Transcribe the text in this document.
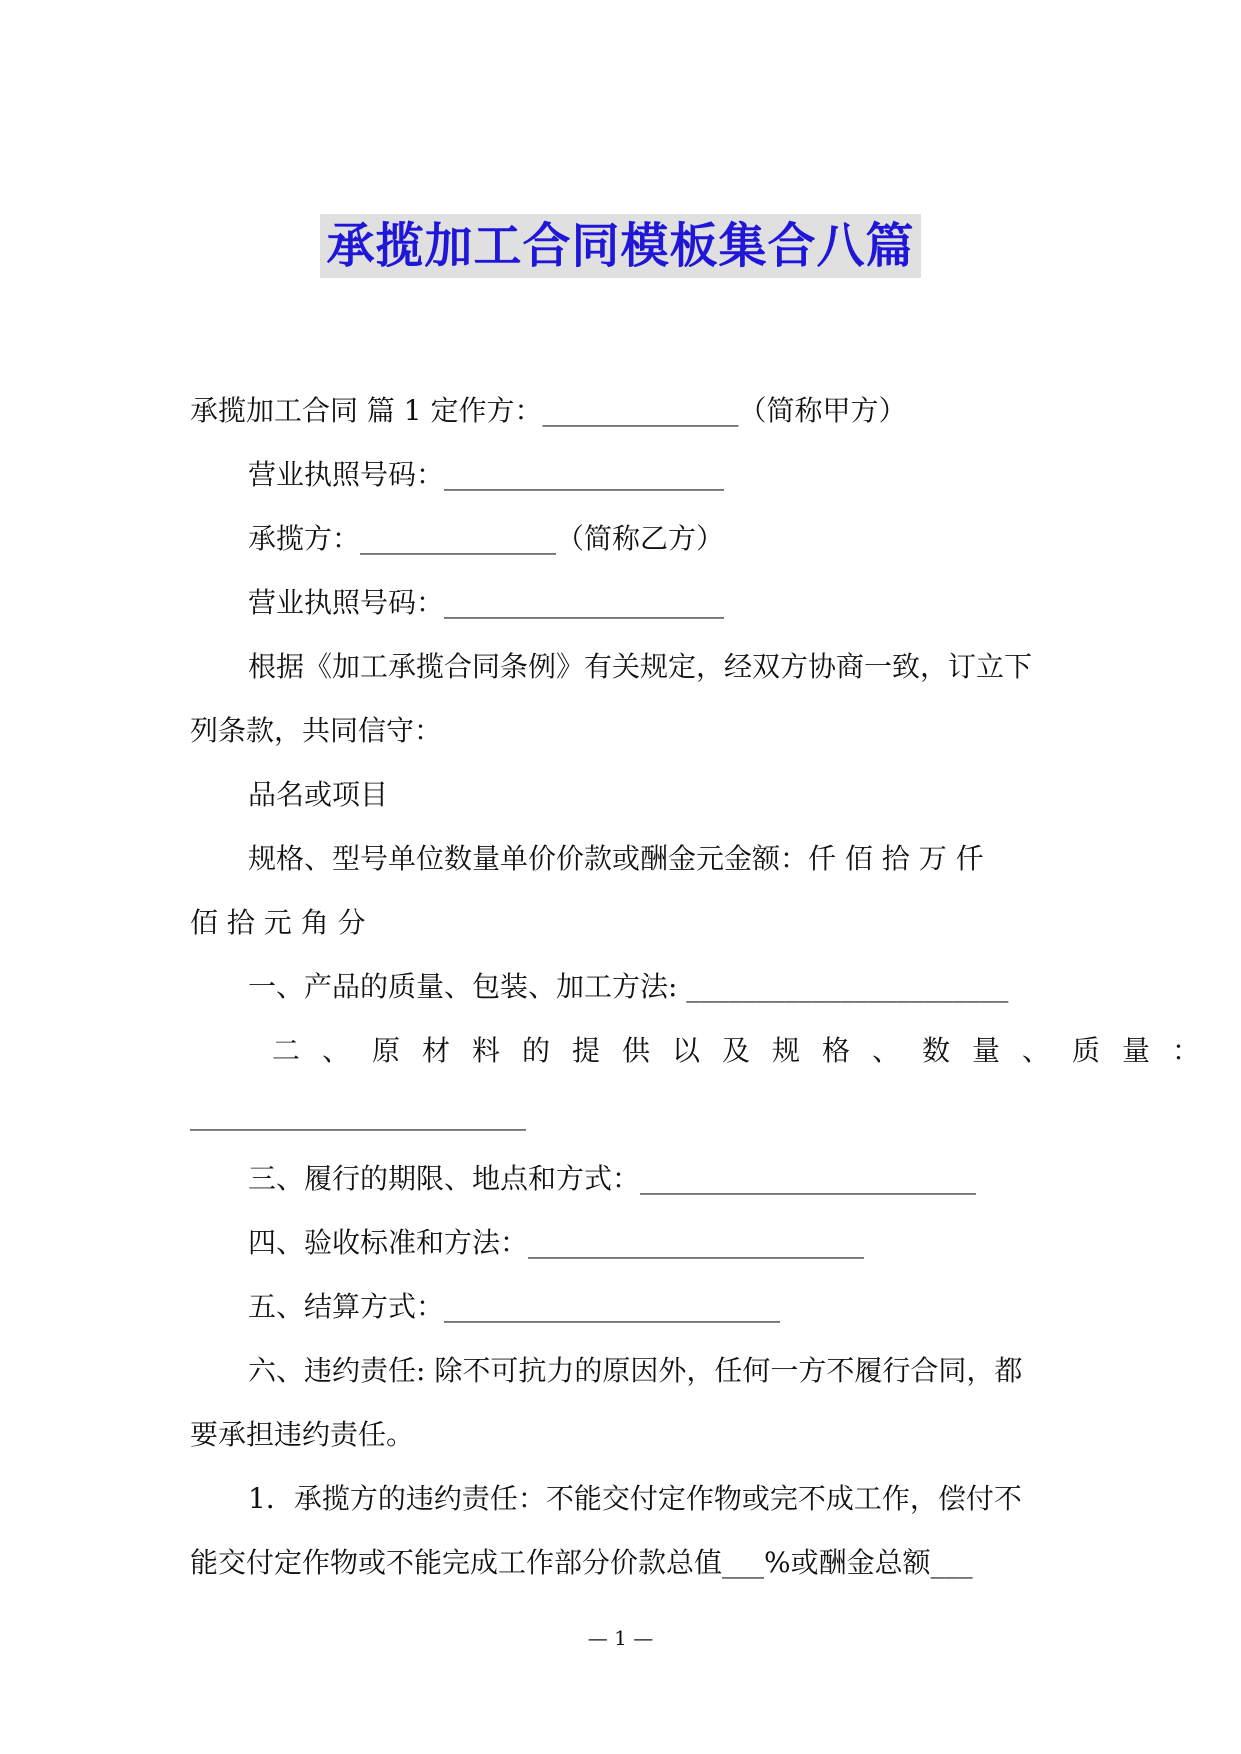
承揽加工合同模板集合八篇
承揽加工合同 篇 1 定作方：______________（简称甲方）
营业执照号码：____________________
承揽方：______________（简称乙方）
营业执照号码：____________________
根据《加工承揽合同条例》有关规定，经双方协商一致，订立下
列条款，共同信守：
品名或项目
规格、型号单位数量单价价款或酬金元金额：仟 佰 拾 万 仟
佰 拾 元 角 分
一、产品的质量、包装、加工方法: _______________________
二、原材料的提供以及规格、数量、质量：
________________________
三、履行的期限、地点和方式：________________________
四、验收标准和方法：________________________
五、结算方式：________________________
六、违约责任: 除不可抗力的原因外，任何一方不履行合同，都
要承担违约责任。
1．承揽方的违约责任：不能交付定作物或完不成工作，偿付不
能交付定作物或不能完成工作部分价款总值___%或酬金总额___
— 1 —
